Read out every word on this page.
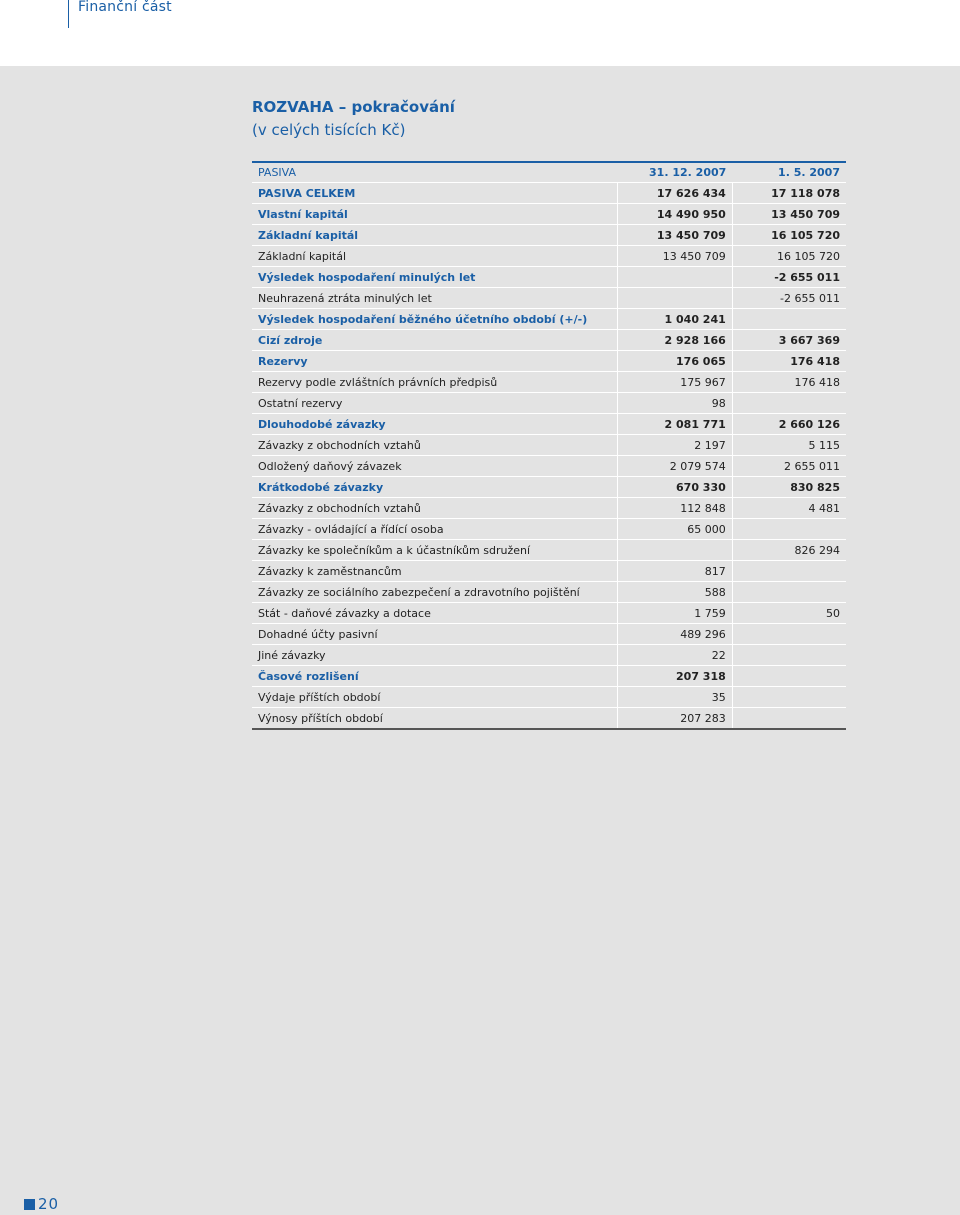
Finanční část
ROZVAHA – pokračování
(v celých tisících Kč)
PASIVA	31. 12. 2007	1. 5. 2007
PASIVA CELKEM	17 626 434	17 118 078
Vlastní kapitál	14 490 950	13 450 709
Základní kapitál	13 450 709	16 105 720
Základní kapitál	13 450 709	16 105 720
Výsledek hospodaření minulých let		-2 655 011
Neuhrazená ztráta minulých let		-2 655 011
Výsledek hospodaření běžného účetního období (+/-)	1 040 241	
Cizí zdroje	2 928 166	3 667 369
Rezervy	176 065	176 418
Rezervy podle zvláštních právních předpisů	175 967	176 418
Ostatní rezervy	98	
Dlouhodobé závazky	2 081 771	2 660 126
Závazky z obchodních vztahů	2 197	5 115
Odložený daňový závazek	2 079 574	2 655 011
Krátkodobé závazky	670 330	830 825
Závazky z obchodních vztahů	112 848	4 481
Závazky - ovládající a řídící osoba	65 000	
Závazky ke společníkům a k účastníkům sdružení		826 294
Závazky k zaměstnancům	817	
Závazky ze sociálního zabezpečení a zdravotního pojištění	588	
Stát - daňové závazky a dotace	1 759	50
Dohadné účty pasivní	489 296	
Jiné závazky	22	
Časové rozlišení	207 318	
Výdaje příštích období	35	
Výnosy příštích období	207 283	
20
